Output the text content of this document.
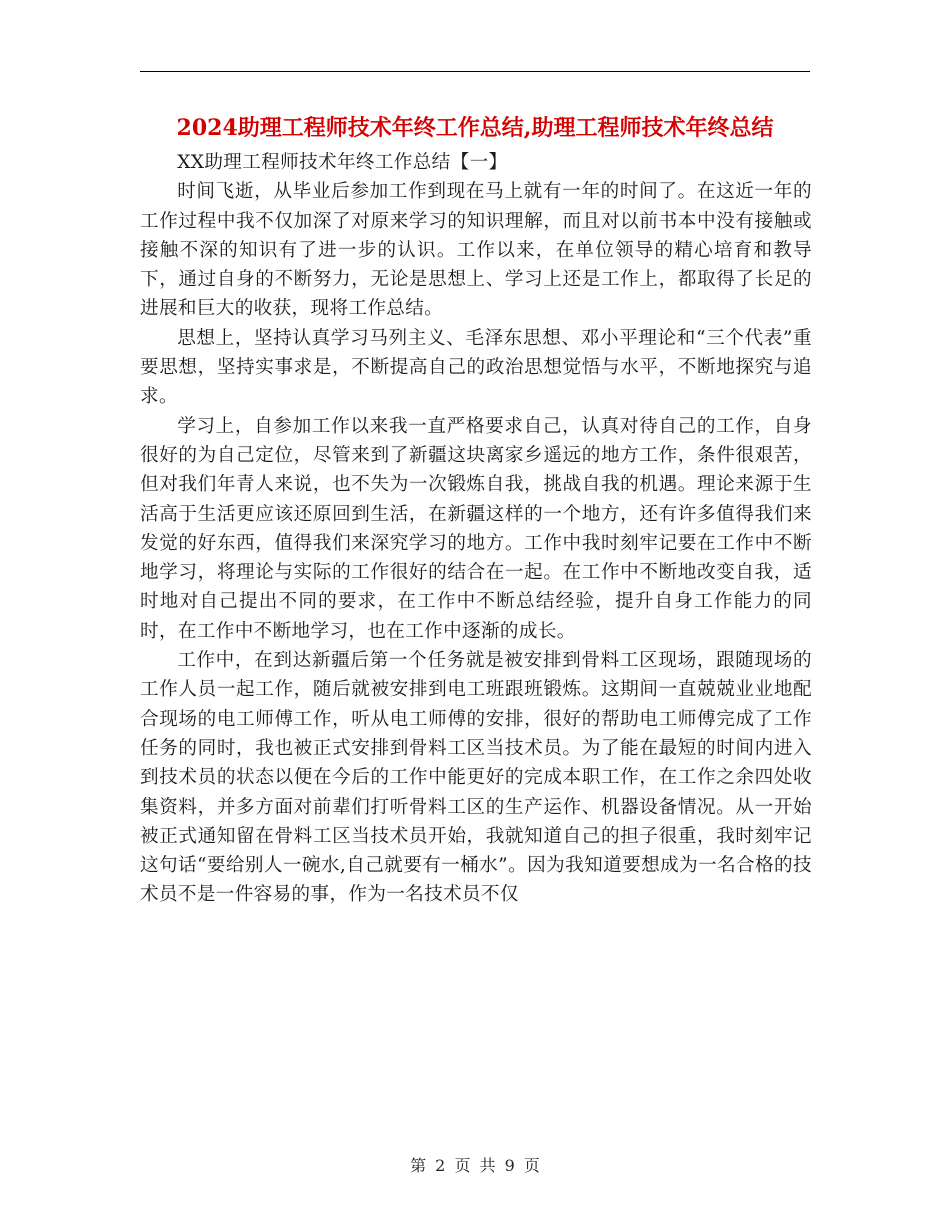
2024助理工程师技术年终工作总结,助理工程师技术年终总结

XX助理工程师技术年终工作总结【一】

时间飞逝，从毕业后参加工作到现在马上就有一年的时间了。在这近一年的工作过程中我不仅加深了对原来学习的知识理解，而且对以前书本中没有接触或接触不深的知识有了进一步的认识。工作以来，在单位领导的精心培育和教导下，通过自身的不断努力，无论是思想上、学习上还是工作上，都取得了长足的进展和巨大的收获，现将工作总结。

思想上，坚持认真学习马列主义、毛泽东思想、邓小平理论和“三个代表”重要思想，坚持实事求是，不断提高自己的政治思想觉悟与水平，不断地探究与追求。

学习上，自参加工作以来我一直严格要求自己，认真对待自己的工作，自身很好的为自己定位，尽管来到了新疆这块离家乡遥远的地方工作，条件很艰苦，但对我们年青人来说，也不失为一次锻炼自我，挑战自我的机遇。理论来源于生活高于生活更应该还原回到生活，在新疆这样的一个地方，还有许多值得我们来发觉的好东西，值得我们来深究学习的地方。工作中我时刻牢记要在工作中不断地学习，将理论与实际的工作很好的结合在一起。在工作中不断地改变自我，适时地对自己提出不同的要求，在工作中不断总结经验，提升自身工作能力的同时，在工作中不断地学习，也在工作中逐渐的成长。

工作中，在到达新疆后第一个任务就是被安排到骨料工区现场，跟随现场的工作人员一起工作，随后就被安排到电工班跟班锻炼。这期间一直兢兢业业地配合现场的电工师傅工作，听从电工师傅的安排，很好的帮助电工师傅完成了工作任务的同时，我也被正式安排到骨料工区当技术员。为了能在最短的时间内进入到技术员的状态以便在今后的工作中能更好的完成本职工作，在工作之余四处收集资料，并多方面对前辈们打听骨料工区的生产运作、机器设备情况。从一开始被正式通知留在骨料工区当技术员开始，我就知道自己的担子很重，我时刻牢记这句话“要给别人一碗水,自己就要有一桶水”。因为我知道要想成为一名合格的技术员不是一件容易的事，作为一名技术员不仅

第 2 页 共 9 页
